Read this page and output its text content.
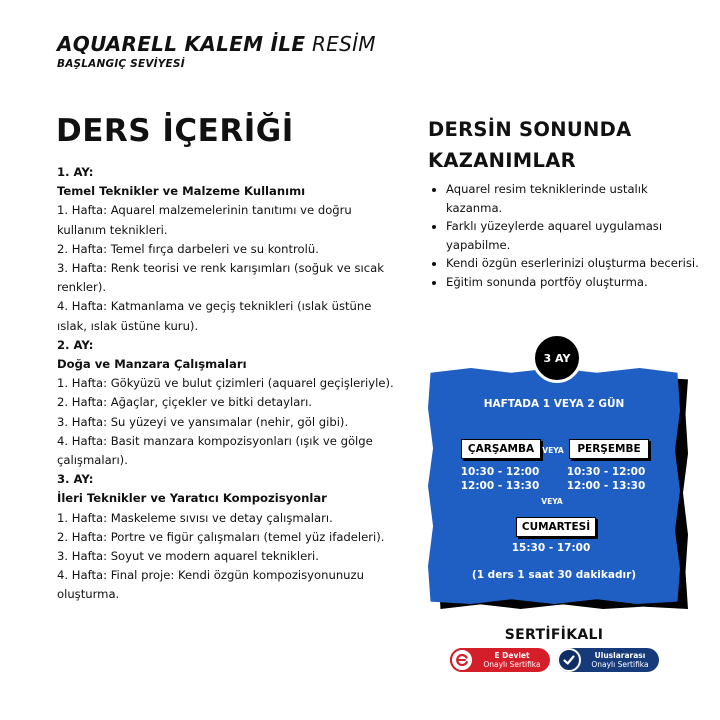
AQUARELL KALEM İLE RESİM
BAŞLANGIÇ SEVİYESİ
DERS İÇERİĞİ
1. AY:
Temel Teknikler ve Malzeme Kullanımı
1. Hafta: Aquarel malzemelerinin tanıtımı ve doğru
kullanım teknikleri.
2. Hafta: Temel fırça darbeleri ve su kontrolü.
3. Hafta: Renk teorisi ve renk karışımları (soğuk ve sıcak
renkler).
4. Hafta: Katmanlama ve geçiş teknikleri (ıslak üstüne
ıslak, ıslak üstüne kuru).
2. AY:
Doğa ve Manzara Çalışmaları
1. Hafta: Gökyüzü ve bulut çizimleri (aquarel geçişleriyle).
2. Hafta: Ağaçlar, çiçekler ve bitki detayları.
3. Hafta: Su yüzeyi ve yansımalar (nehir, göl gibi).
4. Hafta: Basit manzara kompozisyonları (ışık ve gölge
çalışmaları).
3. AY:
İleri Teknikler ve Yaratıcı Kompozisyonlar
1. Hafta: Maskeleme sıvısı ve detay çalışmaları.
2. Hafta: Portre ve figür çalışmaları (temel yüz ifadeleri).
3. Hafta: Soyut ve modern aquarel teknikleri.
4. Hafta: Final proje: Kendi özgün kompozisyonunuzu
oluşturma.
DERSİN SONUNDA
KAZANIMLAR
• Aquarel resim tekniklerinde ustalık kazanma.
• Farklı yüzeylerde aquarel uygulaması yapabilme.
• Kendi özgün eserlerinizi oluşturma becerisi.
• Eğitim sonunda portföy oluşturma.
3 AY
HAFTADA 1 VEYA 2 GÜN
ÇARŞAMBA	VEYA	PERŞEMBE
10:30 - 12:00
12:00 - 13:30
10:30 - 12:00
12:00 - 13:30
VEYA
CUMARTESİ
15:30 - 17:00
(1 ders 1 saat 30 dakikadır)
SERTİFİKALI
E Devlet
Onaylı Sertifika
Uluslararası
Onaylı Sertifika
